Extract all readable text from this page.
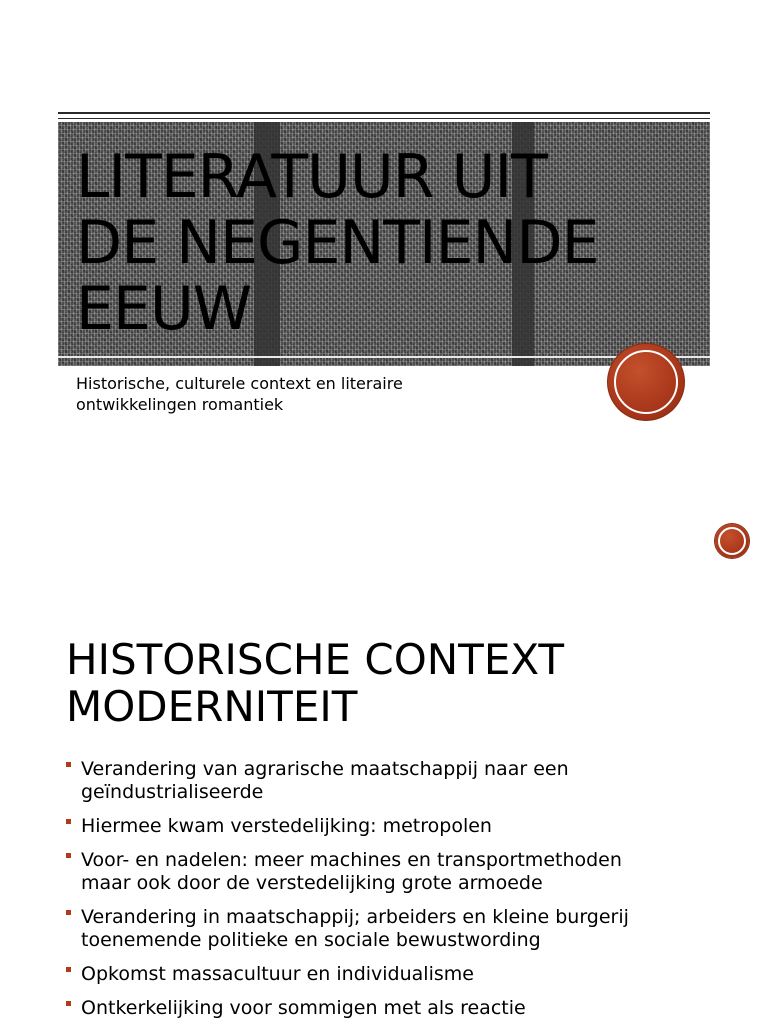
LITERATUUR UIT
DE NEGENTIENDE
EEUW

Historische, culturele context en literaire
ontwikkelingen romantiek

HISTORISCHE CONTEXT
MODERNITEIT
Verandering van agrarische maatschappij naar een
geïndustrialiseerde
Hiermee kwam verstedelijking: metropolen
Voor- en nadelen: meer machines en transportmethoden
maar ook door de verstedelijking grote armoede
Verandering in maatschappij; arbeiders en kleine burgerij
toenemende politieke en sociale bewustwording
Opkomst massacultuur en individualisme
Ontkerkelijking voor sommigen met als reactie
